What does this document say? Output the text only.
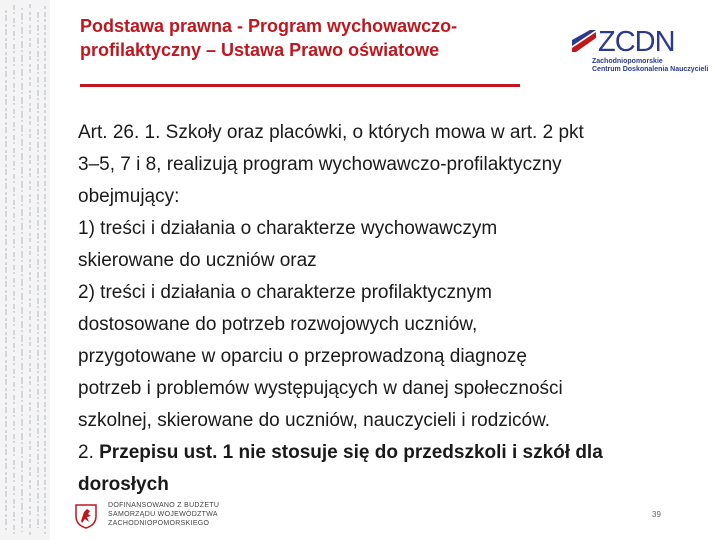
Podstawa prawna - Program wychowawczo-
profilaktyczny – Ustawa Prawo oświatowe	ZCDN
Zachodniopomorskie
Centrum Doskonalenia Nauczycieli
Art. 26. 1. Szkoły oraz placówki, o których mowa w art. 2 pkt
3–5, 7 i 8, realizują program wychowawczo-profilaktyczny
obejmujący:
1) treści i działania o charakterze wychowawczym
skierowane do uczniów oraz
2) treści i działania o charakterze profilaktycznym
dostosowane do potrzeb rozwojowych uczniów,
przygotowane w oparciu o przeprowadzoną diagnozę
potrzeb i problemów występujących w danej społeczności
szkolnej, skierowane do uczniów, nauczycieli i rodziców.
2. Przepisu ust. 1 nie stosuje się do przedszkoli i szkół dla
dorosłych
DOFINANSOWANO Z BUDŻETU
SAMORZĄDU WOJEWÓDZTWA
ZACHODNIOPOMORSKIEGO
39
